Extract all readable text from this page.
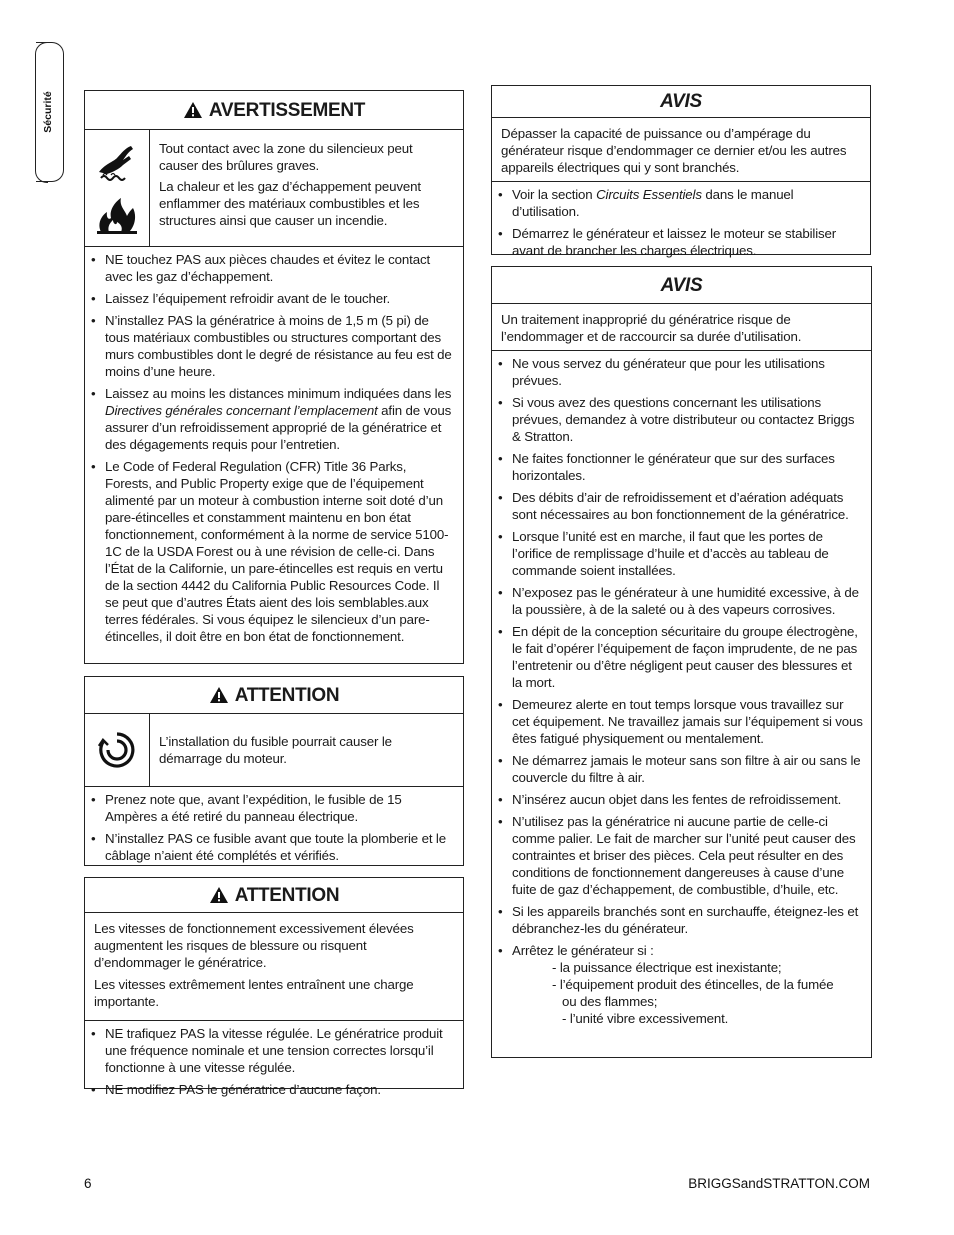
Sécurité	AVERTISSEMENT

Tout contact avec la zone du silencieux peut causer des brûlures graves.

La chaleur et les gaz d’échappement peuvent enflammer des matériaux combustibles et les structures ainsi que causer un incendie.

• NE touchez PAS aux pièces chaudes et évitez le contact avec les gaz d’échappement.
• Laissez l’équipement refroidir avant de le toucher.
• N’installez PAS la génératrice à moins de 1,5 m (5 pi) de tous matériaux combustibles ou structures comportant des murs combustibles dont le degré de résistance au feu est de moins d’une heure.
• Laissez au moins les distances minimum indiquées dans les Directives générales concernant l’emplacement afin de vous assurer d’un refroidissement approprié de la génératrice et des dégagements requis pour l’entretien.
• Le Code of Federal Regulation (CFR) Title 36 Parks, Forests, and Public Property exige que de l’équipement alimenté par un moteur à combustion interne soit doté d’un pare-étincelles et constamment maintenu en bon état fonctionnement, conformément à la norme de service 5100-1C de la USDA Forest ou à une révision de celle-ci. Dans l’État de la Californie, un pare-étincelles est requis en vertu de la section 4442 du California Public Resources Code. Il se peut que d’autres États aient des lois semblables.aux terres fédérales. Si vous équipez le silencieux d’un pare-étincelles, il doit être en bon état de fonctionnement.
ATTENTION

L’installation du fusible pourrait causer le démarrage du moteur.

• Prenez note que, avant l’expédition, le fusible de 15 Ampères a été retiré du panneau électrique.
• N’installez PAS ce fusible avant que toute la plomberie et le câblage n’aient été complétés et vérifiés.
ATTENTION

Les vitesses de fonctionnement excessivement élevées augmentent les risques de blessure ou risquent d’endommager le génératrice.

Les vitesses extrêmement lentes entraînent une charge importante.

• NE trafiquez PAS la vitesse régulée. Le génératrice produit une fréquence nominale et une tension correctes lorsqu’il fonctionne à une vitesse régulée.
• NE modifiez PAS le génératrice d’aucune façon.
AVIS

Dépasser la capacité de puissance ou d’ampérage du générateur risque d’endommager ce dernier et/ou les autres appareils électriques qui y sont branchés.

• Voir la section Circuits Essentiels dans le manuel d’utilisation.
• Démarrez le générateur et laissez le moteur se stabiliser avant de brancher les charges électriques.
AVIS

Un traitement inapproprié du génératrice risque de l’endommager et de raccourcir sa durée d’utilisation.

• Ne vous servez du générateur que pour les utilisations prévues.
• Si vous avez des questions concernant les utilisations prévues, demandez à votre distributeur ou contactez Briggs & Stratton.
• Ne faites fonctionner le générateur que sur des surfaces horizontales.
• Des débits d’air de refroidissement et d’aération adéquats sont nécessaires au bon fonctionnement de la génératrice.
• Lorsque l’unité est en marche, il faut que les portes de l’orifice de remplissage d’huile et d’accès au tableau de commande soient installées.
• N’exposez pas le générateur à une humidité excessive, à de la poussière, à de la saleté ou à des vapeurs corrosives.
• En dépit de la conception sécuritaire du groupe électrogène, le fait d’opérer l’équipement de façon imprudente, de ne pas l’entretenir ou d’être négligent peut causer des blessures et la mort.
• Demeurez alerte en tout temps lorsque vous travaillez sur cet équipement. Ne travaillez jamais sur l’équipement si vous êtes fatigué physiquement ou mentalement.
• Ne démarrez jamais le moteur sans son filtre à air ou sans le couvercle du filtre à air.
• N’insérez aucun objet dans les fentes de refroidissement.
• N’utilisez pas la génératrice ni aucune partie de celle-ci comme palier. Le fait de marcher sur l’unité peut causer des contraintes et briser des pièces. Cela peut résulter en des conditions de fonctionnement dangereuses à cause d’une fuite de gaz d’échappement, de combustible, d’huile, etc.
• Si les appareils branchés sont en surchauffe, éteignez-les et débranchez-les du générateur.
• Arrêtez le générateur si :
- la puissance électrique est inexistante;
- l’équipement produit des étincelles, de la fumée
ou des flammes;
- l’unité vibre excessivement.
6	BRIGGSandSTRATTON.COM
